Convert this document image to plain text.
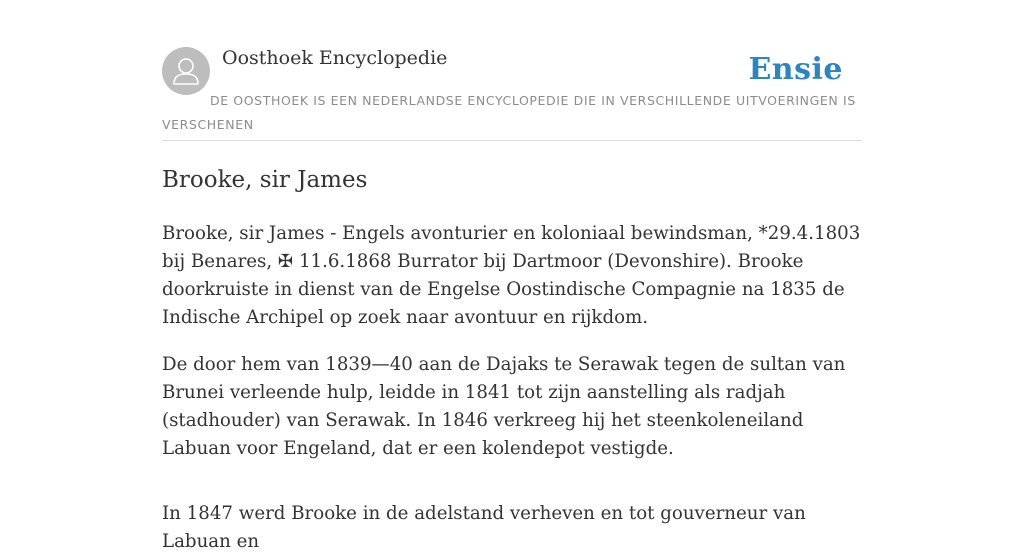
Oosthoek Encyclopedie	Ensie
DE OOSTHOEK IS EEN NEDERLANDSE ENCYCLOPEDIE DIE IN VERSCHILLENDE UITVOERINGEN IS VERSCHENEN
Brooke, sir James

Brooke, sir James - Engels avonturier en koloniaal bewindsman, *29.4.1803 bij Benares, ✠ 11.6.1868 Burrator bij Dartmoor (Devonshire). Brooke doorkruiste in dienst van de Engelse Oostindische Compagnie na 1835 de Indische Archipel op zoek naar avontuur en rijkdom.

De door hem van 1839—40 aan de Dajaks te Serawak tegen de sultan van Brunei verleende hulp, leidde in 1841 tot zijn aanstelling als radjah (stadhouder) van Serawak. In 1846 verkreeg hij het steenkoleneiland Labuan voor Engeland, dat er een kolendepot vestigde.

In 1847 werd Brooke in de adelstand verheven en tot gouverneur van Labuan en
